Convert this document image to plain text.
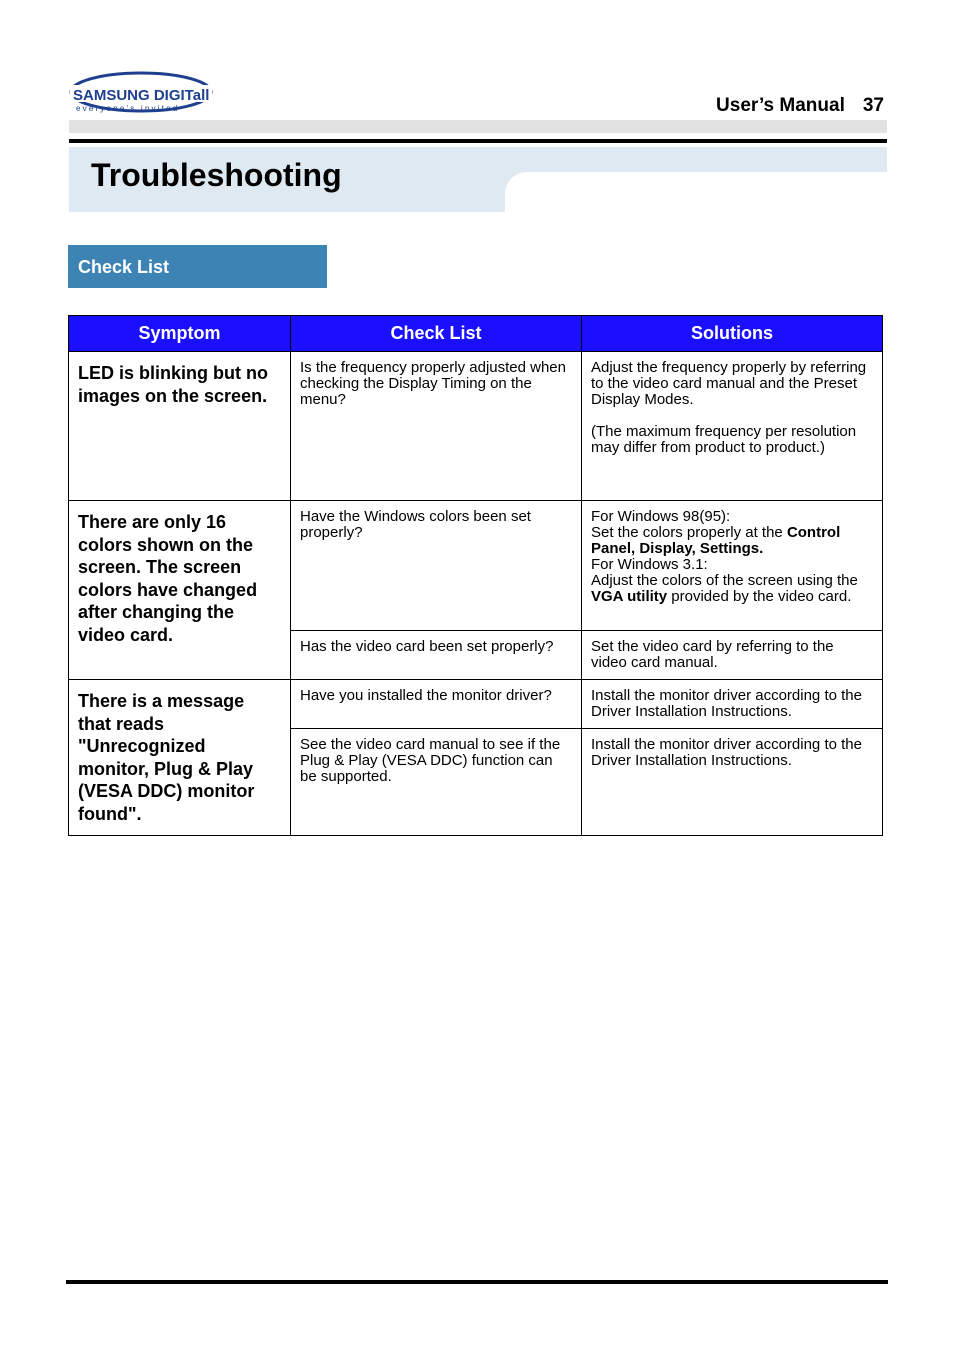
SAMSUNG DIGITall
everyone's invited	User’s Manual 37
Troubleshooting
Check List
Symptom	Check List	Solutions
LED is blinking but no images on the screen.	Is the frequency properly adjusted when checking the Display Timing on the menu?	Adjust the frequency properly by referring to the video card manual and the Preset Display Modes.

(The maximum frequency per resolution may differ from product to product.)

There are only 16 colors shown on the screen. The screen colors have changed after changing the video card.	Have the Windows colors been set properly?	For Windows 98(95):

Set the colors properly at the Control Panel, Display, Settings.

For Windows 3.1:

Adjust the colors of the screen using the VGA utility provided by the video card.

	Has the video card been set properly?	Set the video card by referring to the video card manual.
There is a message that reads "Unrecognized monitor, Plug & Play (VESA DDC) monitor found".	Have you installed the monitor driver?	Install the monitor driver according to the Driver Installation Instructions.
	See the video card manual to see if the Plug & Play (VESA DDC) function can be supported.	Install the monitor driver according to the Driver Installation Instructions.
